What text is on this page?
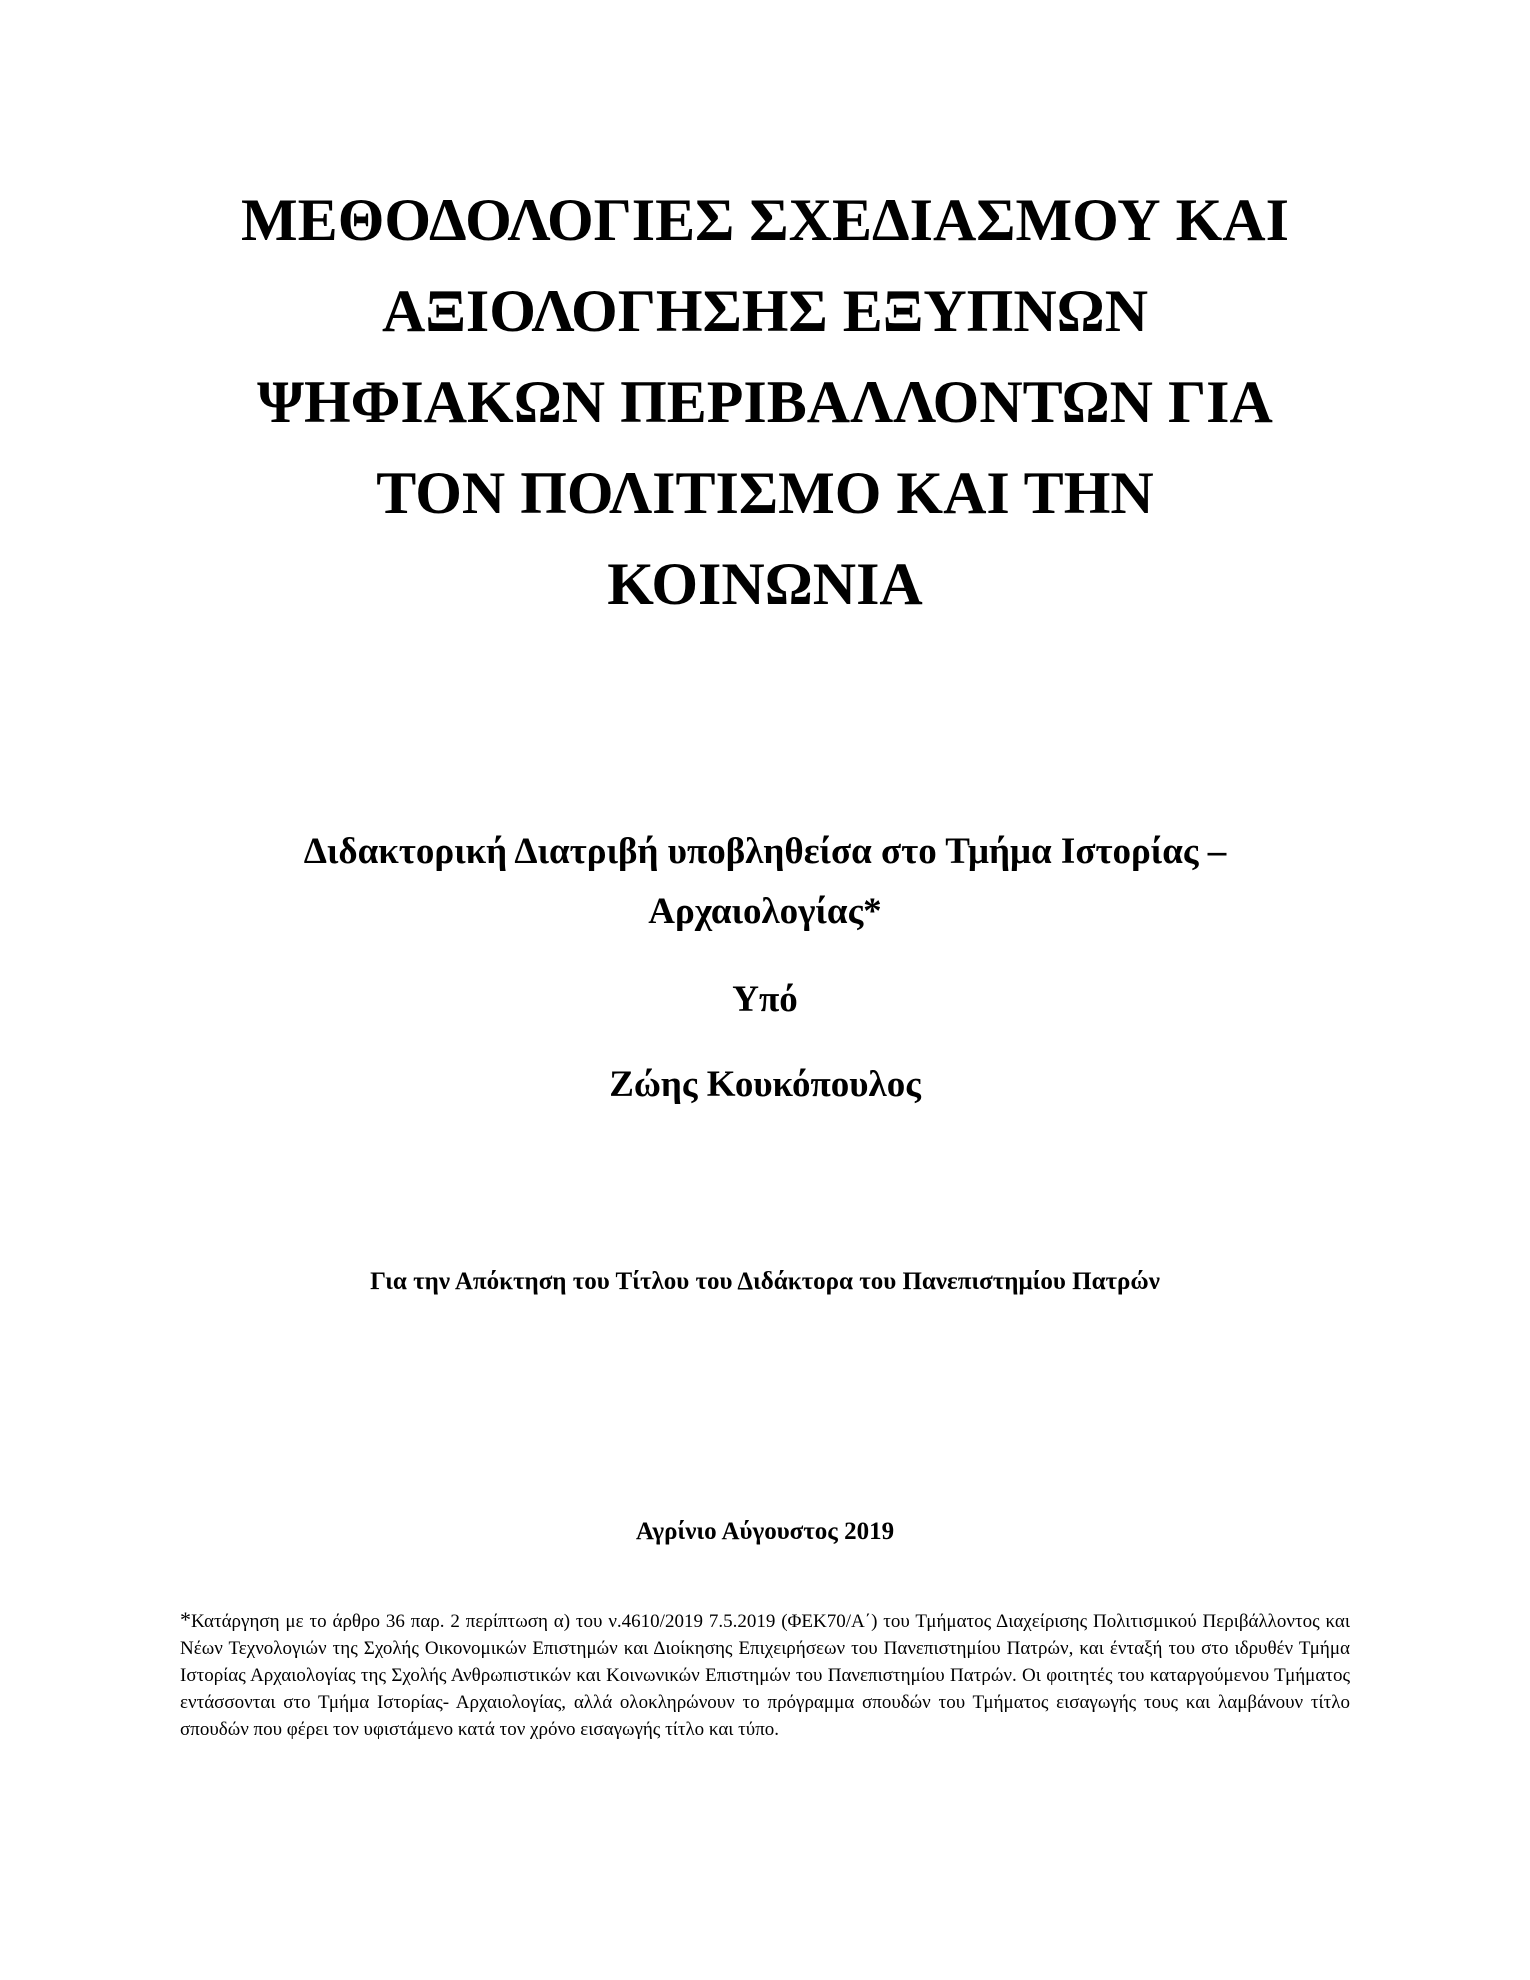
ΜΕΘΟΔΟΛΟΓΙΕΣ ΣΧΕΔΙΑΣΜΟΥ ΚΑΙ
ΑΞΙΟΛΟΓΗΣΗΣ ΕΞΥΠΝΩΝ
ΨΗΦΙΑΚΩΝ ΠΕΡΙΒΑΛΛΟΝΤΩΝ ΓΙΑ
ΤΟΝ ΠΟΛΙΤΙΣΜΟ ΚΑΙ ΤΗΝ
ΚΟΙΝΩΝΙΑ
Διδακτορική Διατριβή υποβληθείσα στο Τμήμα Ιστορίας –
Αρχαιολογίας*
Υπό
Ζώης Κουκόπουλος
Για την Απόκτηση του Τίτλου του Διδάκτορα του Πανεπιστημίου Πατρών
Αγρίνιο Αύγουστος 2019
*Κατάργηση με το άρθρο 36 παρ. 2 περίπτωση α) του ν.4610/2019 7.5.2019 (ΦΕΚ70/Α΄) του Τμήματος Διαχείρισης Πολιτισμικού Περιβάλλοντος και Νέων Τεχνολογιών της Σχολής Οικονομικών Επιστημών και Διοίκησης Επιχειρήσεων του Πανεπιστημίου Πατρών, και ένταξή του στο ιδρυθέν Τμήμα Ιστορίας Αρχαιολογίας της Σχολής Ανθρωπιστικών και Κοινωνικών Επιστημών του Πανεπιστημίου Πατρών. Οι φοιτητές του καταργούμενου Τμήματος εντάσσονται στο Τμήμα Ιστορίας- Αρχαιολογίας, αλλά ολοκληρώνουν το πρόγραμμα σπουδών του Τμήματος εισαγωγής τους και λαμβάνουν τίτλο σπουδών που φέρει τον υφιστάμενο κατά τον χρόνο εισαγωγής τίτλο και τύπο.
